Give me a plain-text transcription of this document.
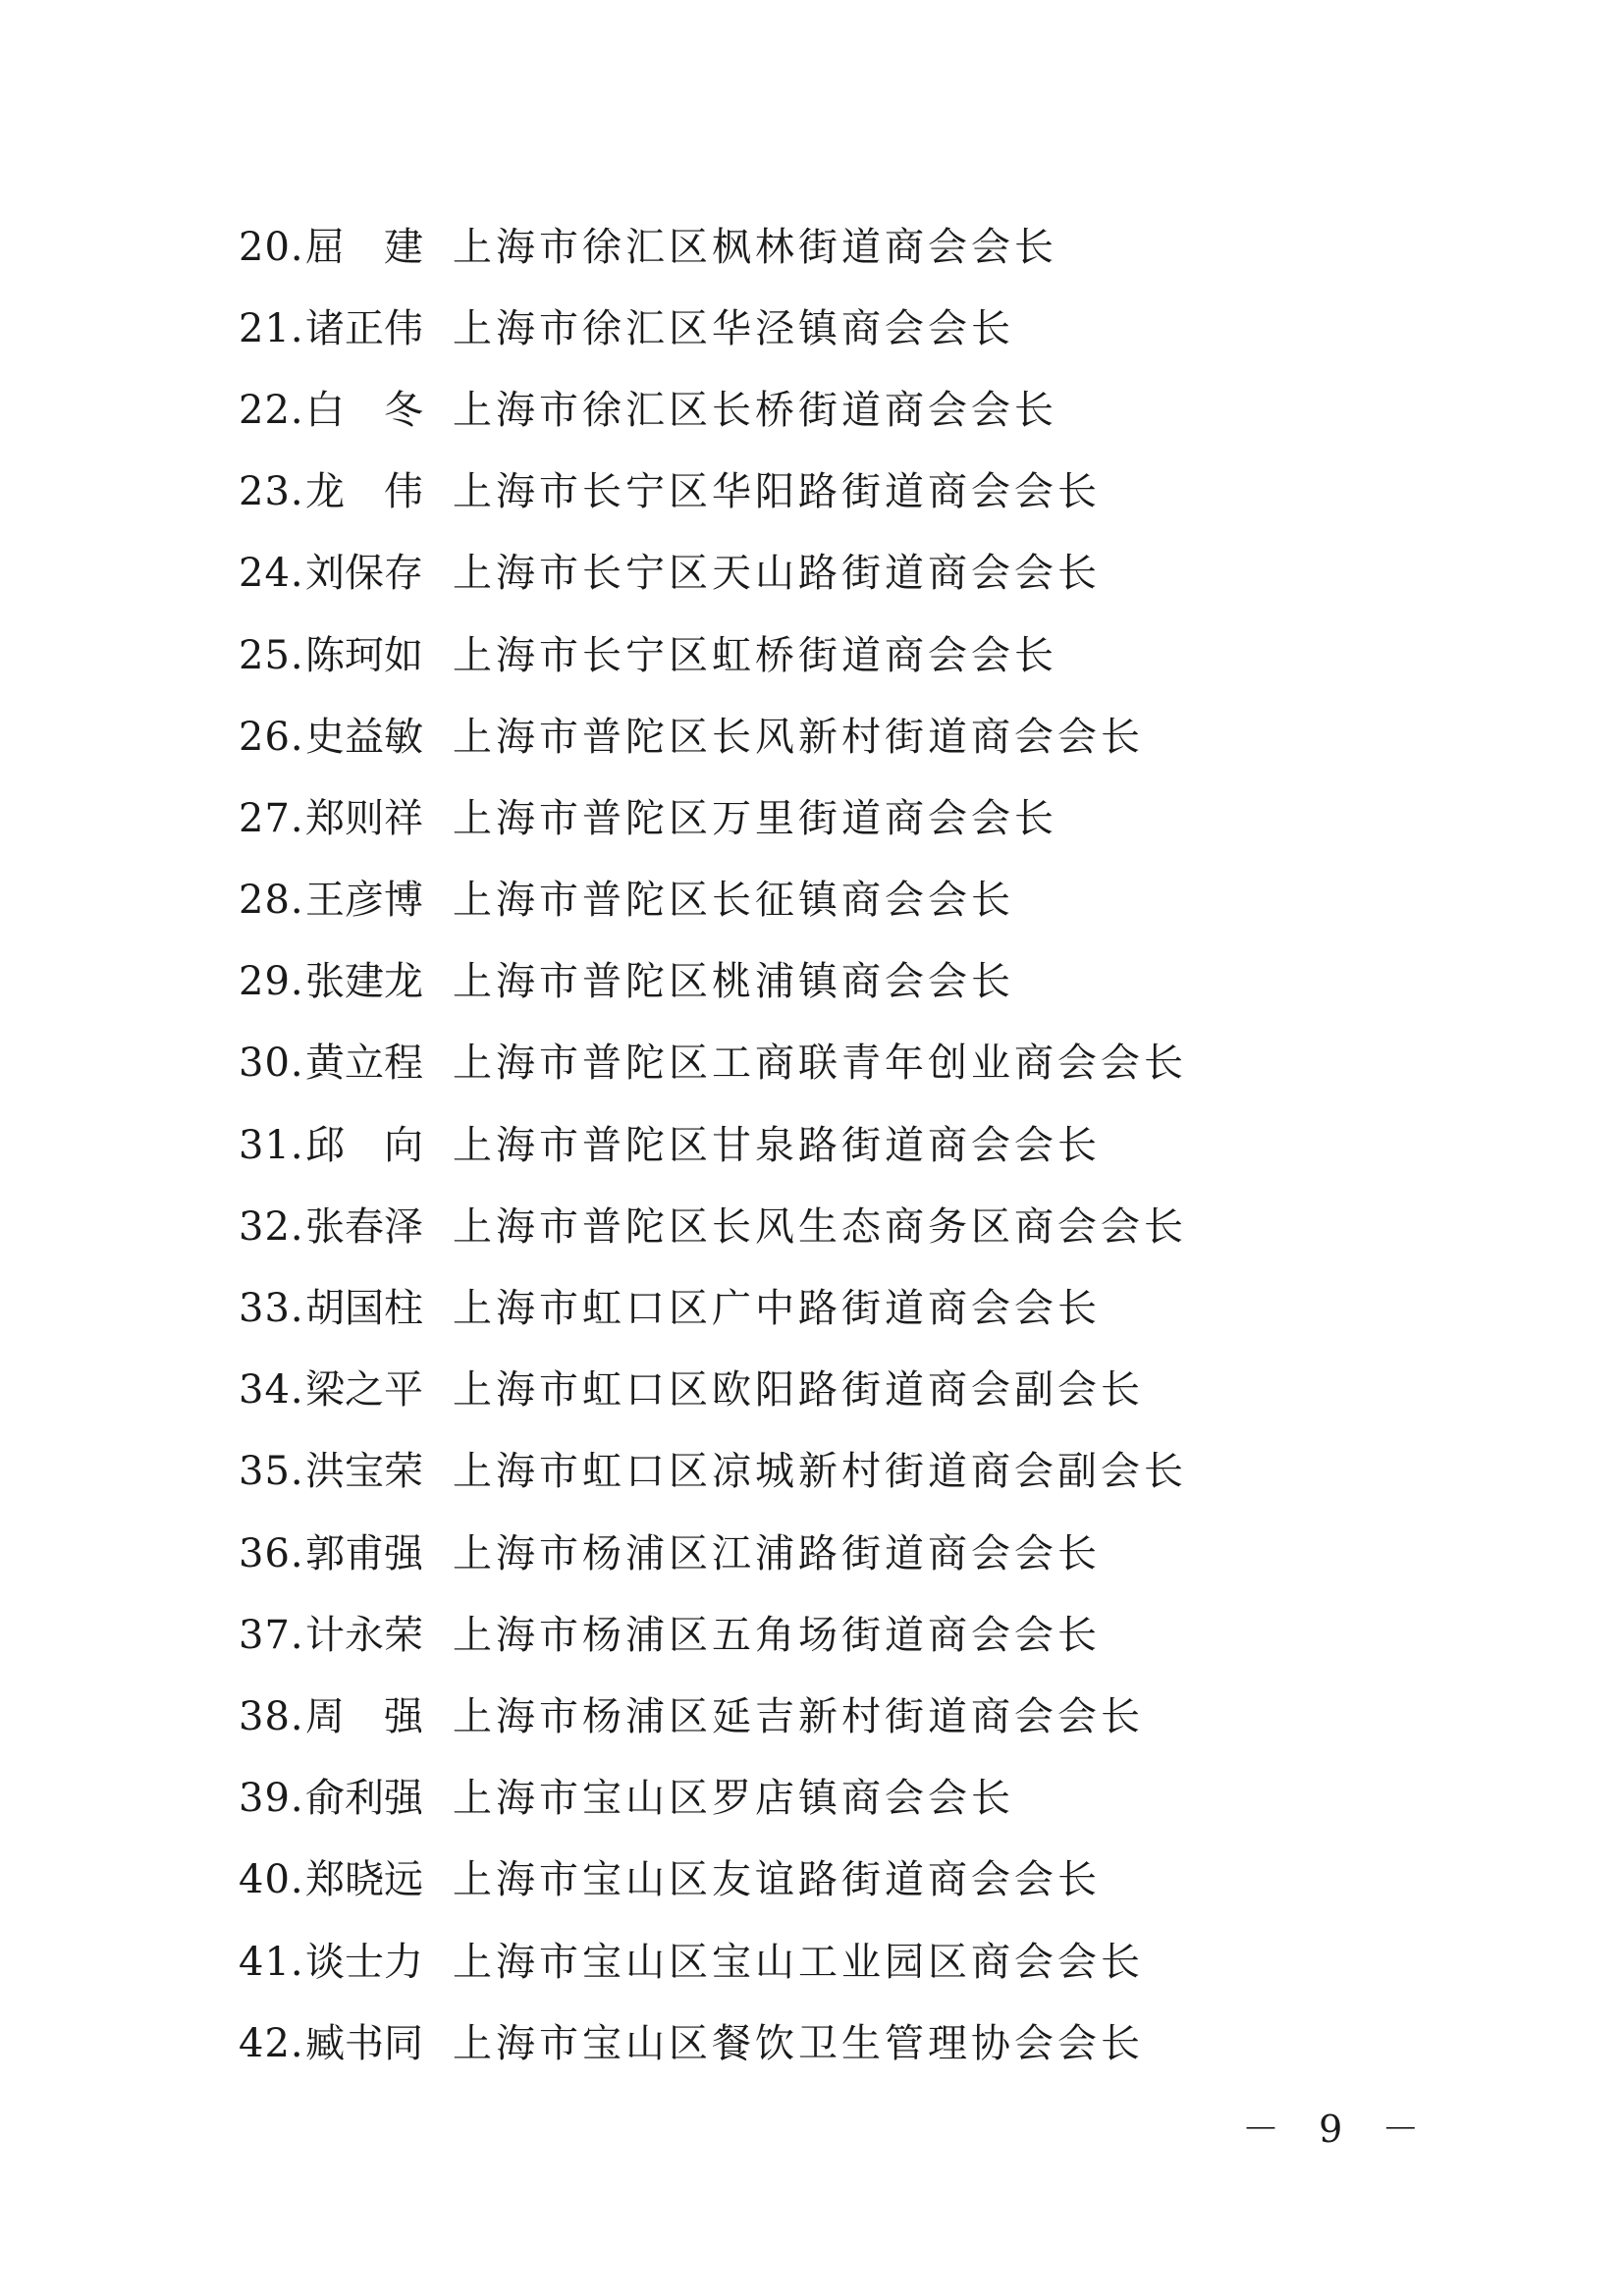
20. 屈　建 上海市徐汇区枫林街道商会会长
21. 诸正伟 上海市徐汇区华泾镇商会会长
22. 白　冬 上海市徐汇区长桥街道商会会长
23. 龙　伟 上海市长宁区华阳路街道商会会长
24. 刘保存 上海市长宁区天山路街道商会会长
25. 陈珂如 上海市长宁区虹桥街道商会会长
26. 史益敏 上海市普陀区长风新村街道商会会长
27. 郑则祥 上海市普陀区万里街道商会会长
28. 王彦博 上海市普陀区长征镇商会会长
29. 张建龙 上海市普陀区桃浦镇商会会长
30. 黄立程 上海市普陀区工商联青年创业商会会长
31. 邱　向 上海市普陀区甘泉路街道商会会长
32. 张春泽 上海市普陀区长风生态商务区商会会长
33. 胡国柱 上海市虹口区广中路街道商会会长
34. 梁之平 上海市虹口区欧阳路街道商会副会长
35. 洪宝荣 上海市虹口区凉城新村街道商会副会长
36. 郭甫强 上海市杨浦区江浦路街道商会会长
37. 计永荣 上海市杨浦区五角场街道商会会长
38. 周　强 上海市杨浦区延吉新村街道商会会长
39. 俞利强 上海市宝山区罗店镇商会会长
40. 郑晓远 上海市宝山区友谊路街道商会会长
41. 谈士力 上海市宝山区宝山工业园区商会会长
42. 臧书同 上海市宝山区餐饮卫生管理协会会长
－ 9 －
